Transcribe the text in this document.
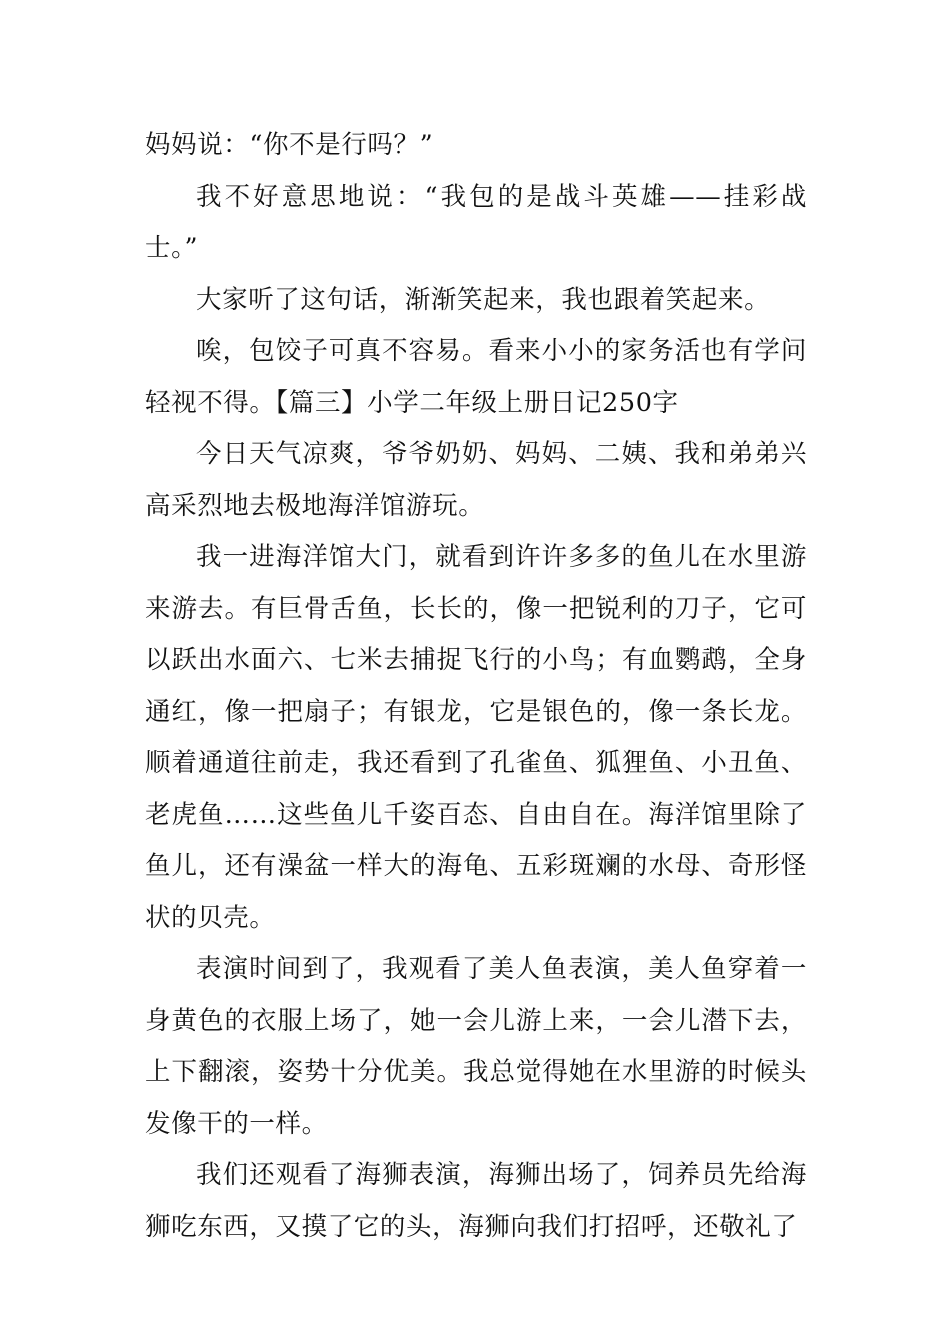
妈妈说：“你不是行吗？”

我不好意思地说：“我包的是战斗英雄——挂彩战士。”

大家听了这句话，渐渐笑起来，我也跟着笑起来。

唉，包饺子可真不容易。看来小小的家务活也有学问轻视不得。【篇三】小学二年级上册日记250字

今日天气凉爽，爷爷奶奶、妈妈、二姨、我和弟弟兴高采烈地去极地海洋馆游玩。

我一进海洋馆大门，就看到许许多多的鱼儿在水里游来游去。有巨骨舌鱼，长长的，像一把锐利的刀子，它可以跃出水面六、七米去捕捉飞行的小鸟；有血鹦鹉，全身通红，像一把扇子；有银龙，它是银色的，像一条长龙。顺着通道往前走，我还看到了孔雀鱼、狐狸鱼、小丑鱼、老虎鱼……这些鱼儿千姿百态、自由自在。海洋馆里除了鱼儿，还有澡盆一样大的海龟、五彩斑斓的水母、奇形怪状的贝壳。

表演时间到了，我观看了美人鱼表演，美人鱼穿着一身黄色的衣服上场了，她一会儿游上来，一会儿潜下去，上下翻滚，姿势十分优美。我总觉得她在水里游的时候头发像干的一样。

我们还观看了海狮表演，海狮出场了，饲养员先给海狮吃东西，又摸了它的头，海狮向我们打招呼，还敬礼了
